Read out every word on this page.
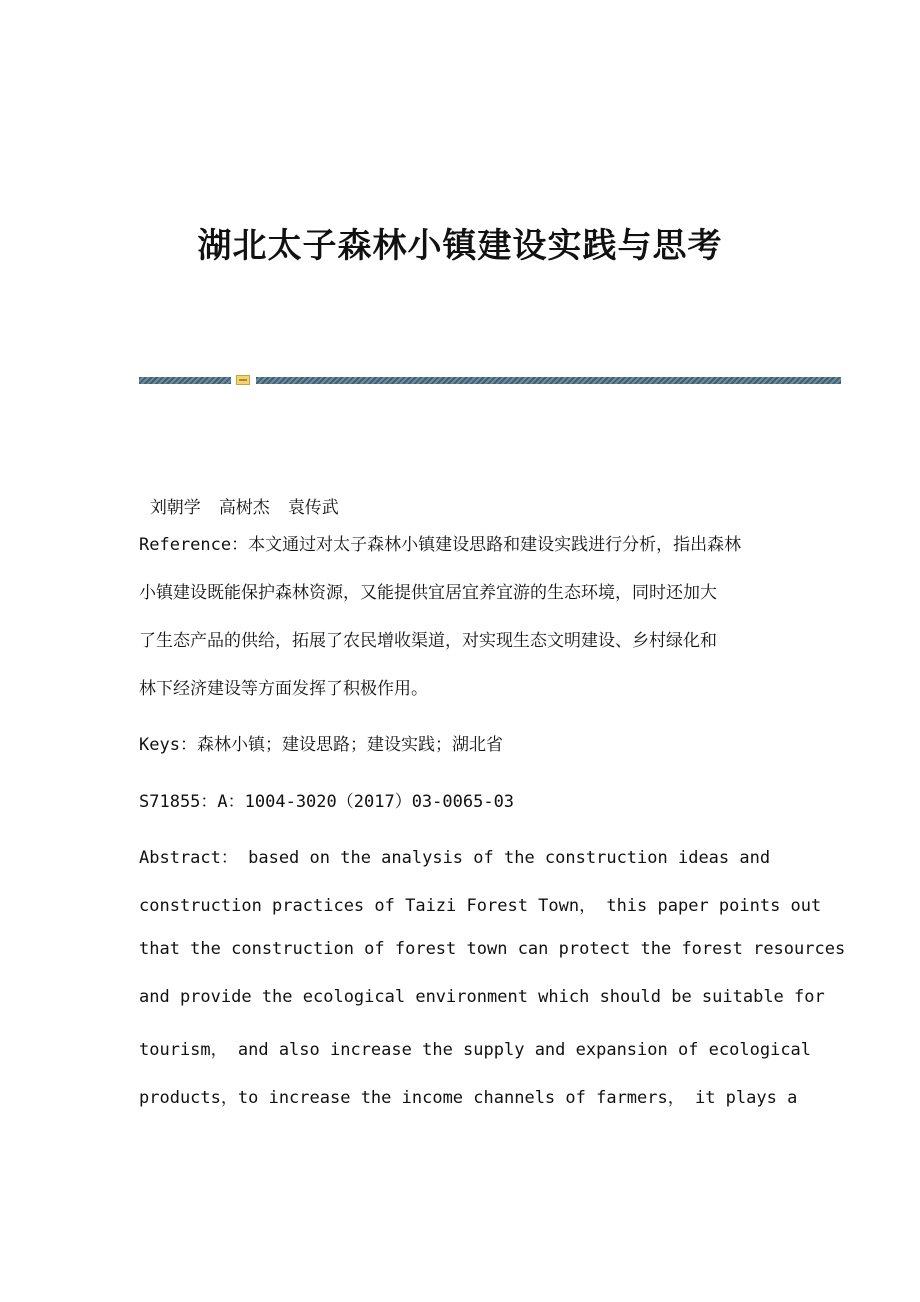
湖北太子森林小镇建设实践与思考

刘朝学 高树杰 袁传武

Reference：本文通过对太子森林小镇建设思路和建设实践进行分析，指出森林

小镇建设既能保护森林资源，又能提供宜居宜养宜游的生态环境，同时还加大

了生态产品的供给，拓展了农民增收渠道，对实现生态文明建设、乡村绿化和

林下经济建设等方面发挥了积极作用。

Keys：森林小镇；建设思路；建设实践；湖北省

S71855：A：1004-3020（2017）03-0065-03

Abstract： based on the analysis of the construction ideas and

construction practices of Taizi Forest Town， this paper points out

that the construction of forest town can protect the forest resources

and provide the ecological environment which should be suitable for

tourism， and also increase the supply and expansion of ecological

products，to increase the income channels of farmers， it plays a
